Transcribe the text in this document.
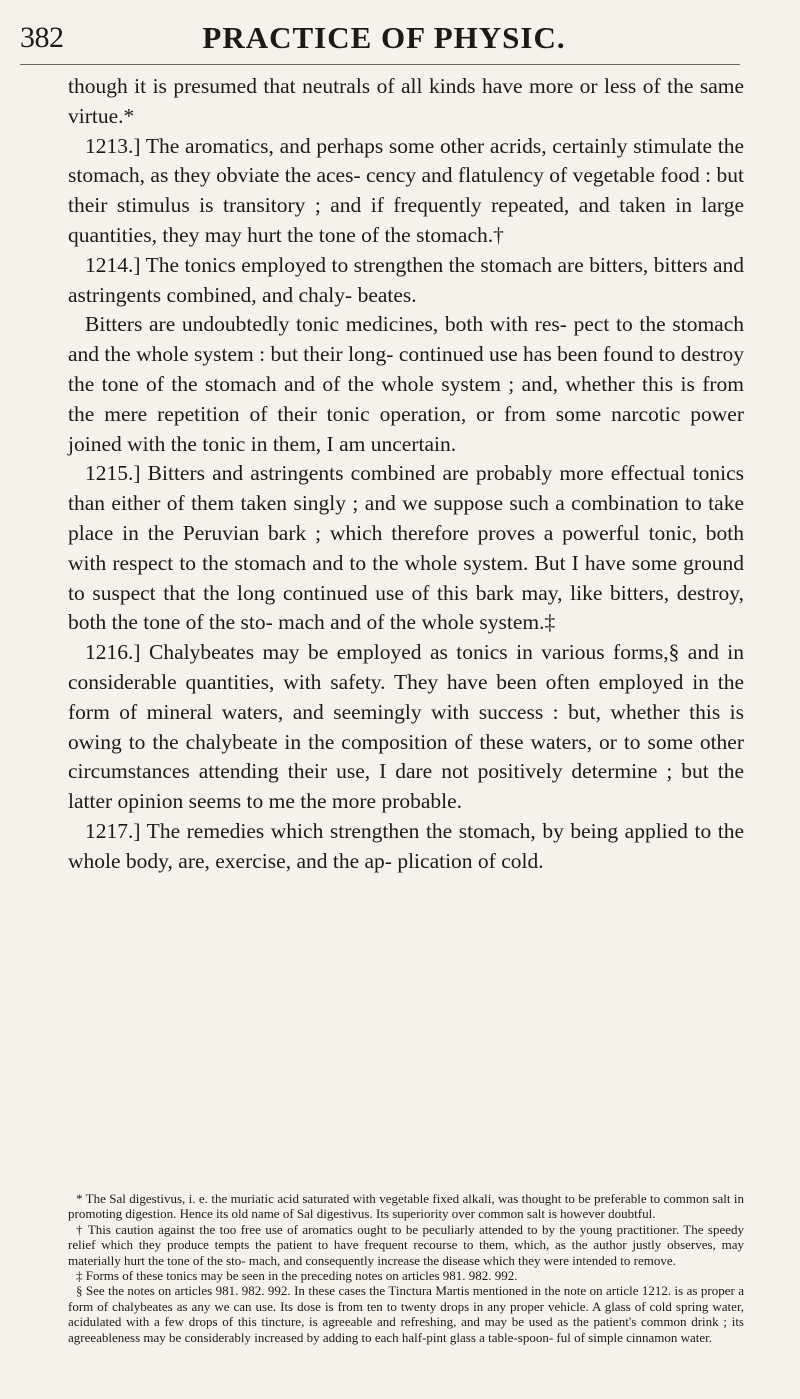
382	PRACTICE OF PHYSIC.

though it is presumed that neutrals of all kinds have more or less of the same virtue.*

1213.] The aromatics, and perhaps some other acrids, certainly stimulate the stomach, as they obviate the aces- cency and flatulency of vegetable food : but their stimulus is transitory ; and if frequently repeated, and taken in large quantities, they may hurt the tone of the stomach.†

1214.] The tonics employed to strengthen the stomach are bitters, bitters and astringents combined, and chaly- beates.

Bitters are undoubtedly tonic medicines, both with res- pect to the stomach and the whole system : but their long- continued use has been found to destroy the tone of the stomach and of the whole system ; and, whether this is from the mere repetition of their tonic operation, or from some narcotic power joined with the tonic in them, I am uncertain.

1215.] Bitters and astringents combined are probably more effectual tonics than either of them taken singly ; and we suppose such a combination to take place in the Peruvian bark ; which therefore proves a powerful tonic, both with respect to the stomach and to the whole system. But I have some ground to suspect that the long continued use of this bark may, like bitters, destroy, both the tone of the sto- mach and of the whole system.‡

1216.] Chalybeates may be employed as tonics in various forms,§ and in considerable quantities, with safety. They have been often employed in the form of mineral waters, and seemingly with success : but, whether this is owing to the chalybeate in the composition of these waters, or to some other circumstances attending their use, I dare not positively determine ; but the latter opinion seems to me the more probable.

1217.] The remedies which strengthen the stomach, by being applied to the whole body, are, exercise, and the ap- plication of cold.

* The Sal digestivus, i. e. the muriatic acid saturated with vegetable fixed alkali, was thought to be preferable to common salt in promoting digestion. Hence its old name of Sal digestivus. Its superiority over common salt is however doubtful.

† This caution against the too free use of aromatics ought to be peculiarly attended to by the young practitioner. The speedy relief which they produce tempts the patient to have frequent recourse to them, which, as the author justly observes, may materially hurt the tone of the sto- mach, and consequently increase the disease which they were intended to remove.

‡ Forms of these tonics may be seen in the preceding notes on articles 981. 982. 992.

§ See the notes on articles 981. 982. 992. In these cases the Tinctura Martis mentioned in the note on article 1212. is as proper a form of chalybeates as any we can use. Its dose is from ten to twenty drops in any proper vehicle. A glass of cold spring water, acidulated with a few drops of this tincture, is agreeable and refreshing, and may be used as the patient's common drink ; its agreeableness may be considerably increased by adding to each half-pint glass a table-spoon- ful of simple cinnamon water.
